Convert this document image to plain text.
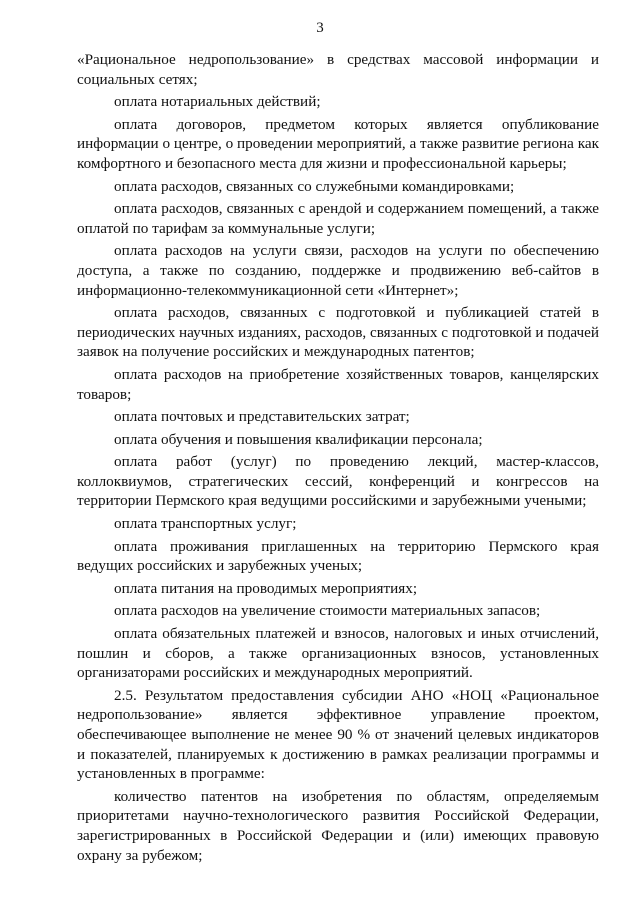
3

«Рациональное недропользование» в средствах массовой информации и социальных сетях;

оплата нотариальных действий;

оплата договоров, предметом которых является опубликование информации о центре, о проведении мероприятий, а также развитие региона как комфортного и безопасного места для жизни и профессиональной карьеры;

оплата расходов, связанных со служебными командировками;

оплата расходов, связанных с арендой и содержанием помещений, а также оплатой по тарифам за коммунальные услуги;

оплата расходов на услуги связи, расходов на услуги по обеспечению доступа, а также по созданию, поддержке и продвижению веб-сайтов в информационно-телекоммуникационной сети «Интернет»;

оплата расходов, связанных с подготовкой и публикацией статей в периодических научных изданиях, расходов, связанных с подготовкой и подачей заявок на получение российских и международных патентов;

оплата расходов на приобретение хозяйственных товаров, канцелярских товаров;

оплата почтовых и представительских затрат;

оплата обучения и повышения квалификации персонала;

оплата работ (услуг) по проведению лекций, мастер-классов, коллоквиумов, стратегических сессий, конференций и конгрессов на территории Пермского края ведущими российскими и зарубежными учеными;

оплата транспортных услуг;

оплата проживания приглашенных на территорию Пермского края ведущих российских и зарубежных ученых;

оплата питания на проводимых мероприятиях;

оплата расходов на увеличение стоимости материальных запасов;

оплата обязательных платежей и взносов, налоговых и иных отчислений, пошлин и сборов, а также организационных взносов, установленных организаторами российских и международных мероприятий.

2.5. Результатом предоставления субсидии АНО «НОЦ «Рациональное недропользование» является эффективное управление проектом, обеспечивающее выполнение не менее 90 % от значений целевых индикаторов и показателей, планируемых к достижению в рамках реализации программы и установленных в программе:

количество патентов на изобретения по областям, определяемым приоритетами научно-технологического развития Российской Федерации, зарегистрированных в Российской Федерации и (или) имеющих правовую охрану за рубежом;
